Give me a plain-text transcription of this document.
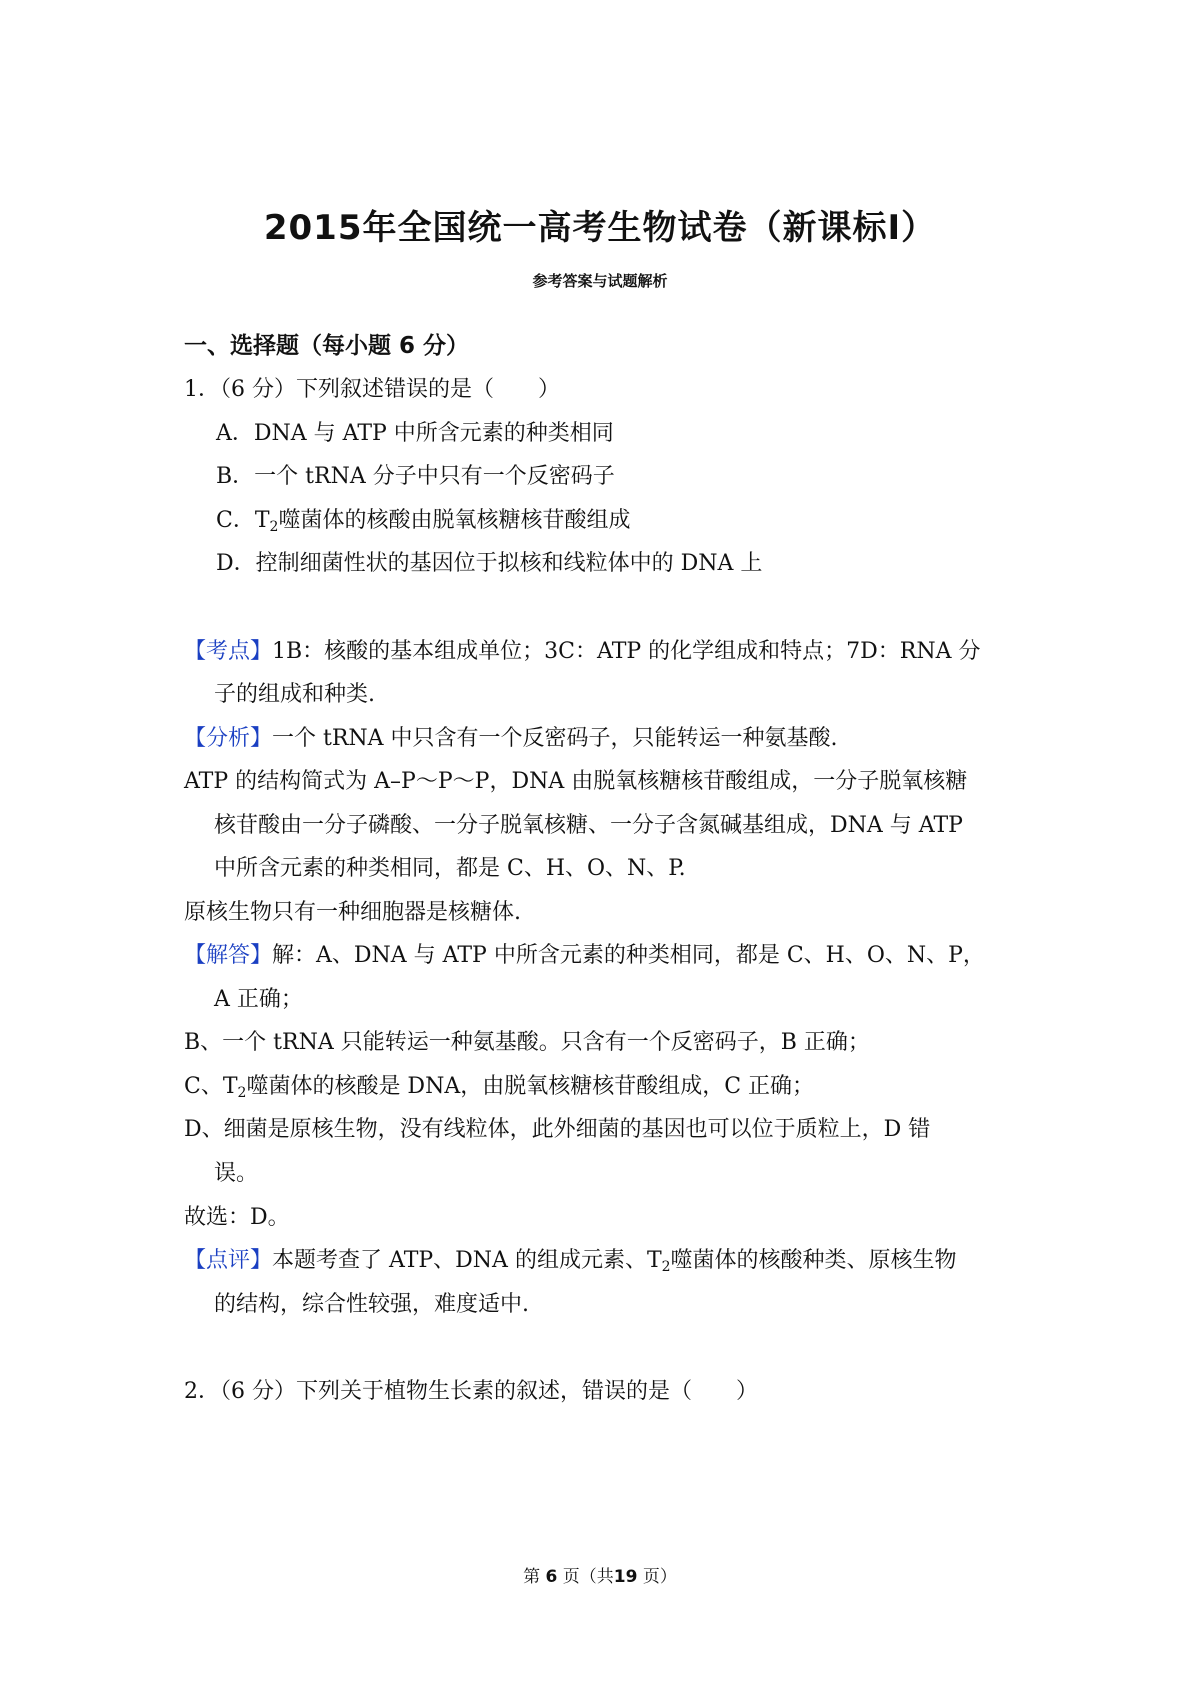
2015年全国统一高考生物试卷（新课标Ⅰ）
参考答案与试题解析
一、选择题（每小题 6 分）
1．（6 分）下列叙述错误的是（　　）
A．DNA 与 ATP 中所含元素的种类相同
B．一个 tRNA 分子中只有一个反密码子
C．$T_2$噬菌体的核酸由脱氧核糖核苷酸组成
D．控制细菌性状的基因位于拟核和线粒体中的 DNA 上
【考点】1B：核酸的基本组成单位；3C：ATP 的化学组成和特点；7D：RNA 分
子的组成和种类.
【分析】一个 tRNA 中只含有一个反密码子，只能转运一种氨基酸.
ATP 的结构简式为 A–P～P～P，DNA 由脱氧核糖核苷酸组成，一分子脱氧核糖
核苷酸由一分子磷酸、一分子脱氧核糖、一分子含氮碱基组成，DNA 与 ATP
中所含元素的种类相同，都是 C、H、O、N、P.
原核生物只有一种细胞器是核糖体.
【解答】解：A、DNA 与 ATP 中所含元素的种类相同，都是 C、H、O、N、P，
A 正确；
B、一个 tRNA 只能转运一种氨基酸。只含有一个反密码子，B 正确；
C、$T_2$噬菌体的核酸是 DNA，由脱氧核糖核苷酸组成，C 正确；
D、细菌是原核生物，没有线粒体，此外细菌的基因也可以位于质粒上，D 错
误。
故选：D。
【点评】本题考查了 ATP、DNA 的组成元素、$T_2$噬菌体的核酸种类、原核生物
的结构，综合性较强，难度适中.
2．（6 分）下列关于植物生长素的叙述，错误的是（　　）
第 6 页（共19 页）
